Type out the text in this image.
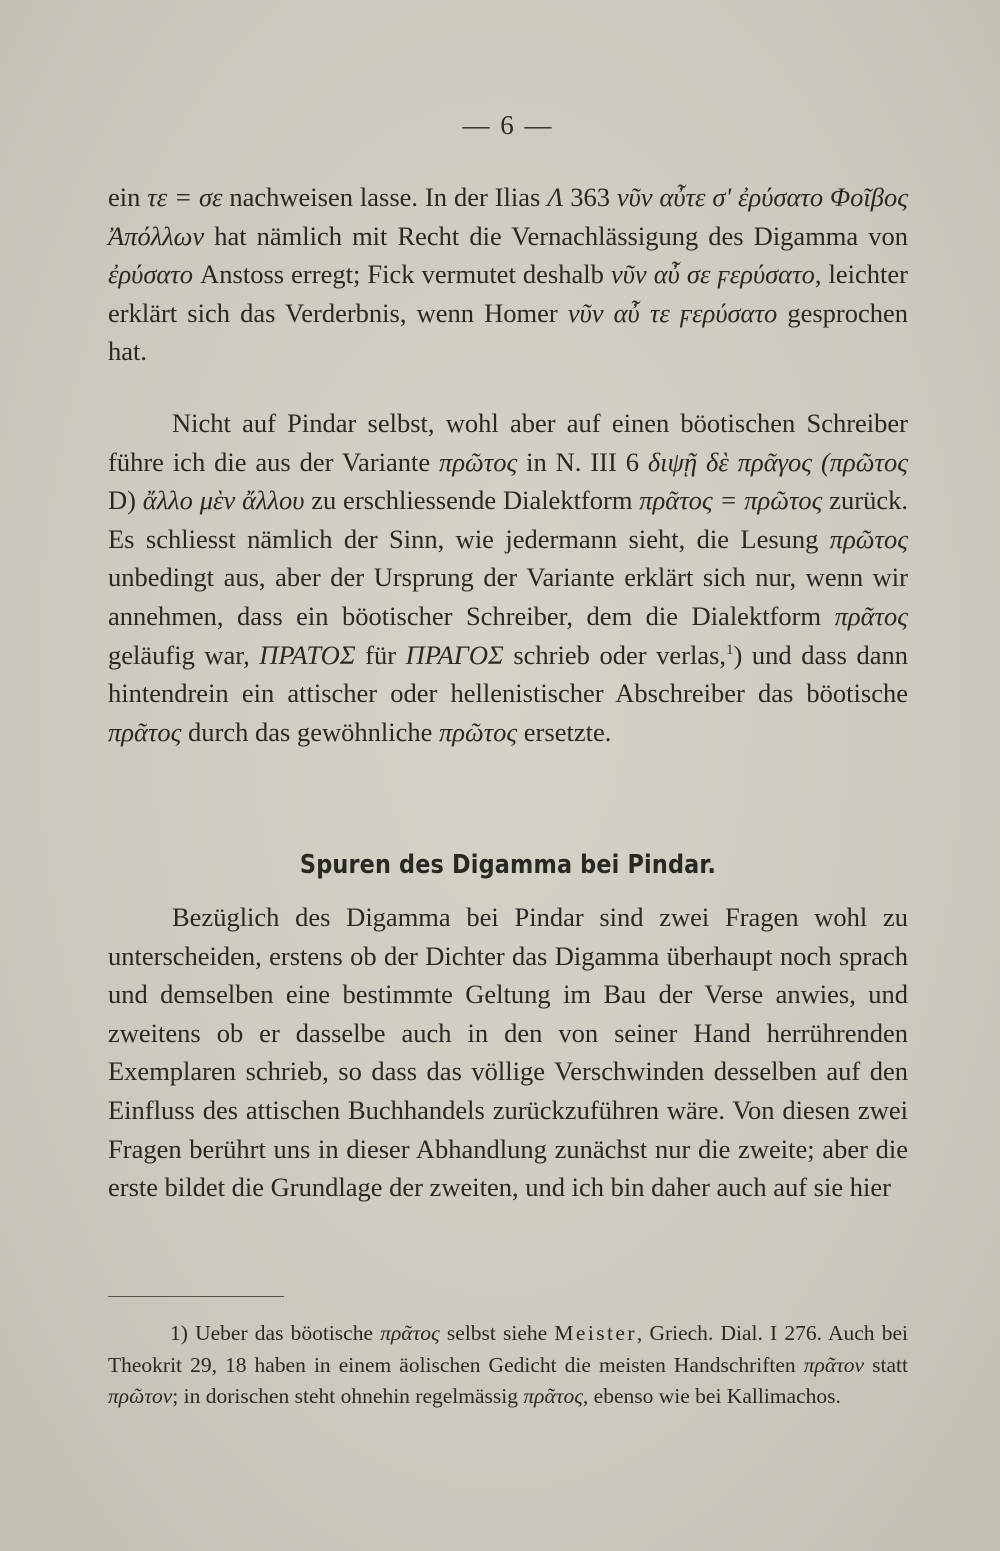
— 6 —

ein τε = σε nachweisen lasse. In der Ilias Λ 363 νῦν αὖτε σ' ἐρύσατο Φοῖβος Ἀπόλλων hat nämlich mit Recht die Vernachlässigung des Digamma von ἐρύσατο Anstoss erregt; Fick vermutet deshalb νῦν αὖ σε ϝερύσατο, leichter erklärt sich das Verderbnis, wenn Homer νῦν αὖ τε ϝερύσατο gesprochen hat.

Nicht auf Pindar selbst, wohl aber auf einen böotischen Schreiber führe ich die aus der Variante πρῶτος in N. III 6 διψῇ δὲ πρᾶγος (πρῶτος D) ἄλλο μὲν ἄλλου zu erschliessende Dialektform πρᾶτος = πρῶτος zurück. Es schliesst nämlich der Sinn, wie jedermann sieht, die Lesung πρῶτος unbedingt aus, aber der Ursprung der Variante erklärt sich nur, wenn wir annehmen, dass ein böotischer Schreiber, dem die Dialektform πρᾶτος geläufig war, ΠΡΑΤΟΣ für ΠΡΑΓΟΣ schrieb oder verlas,$^1$) und dass dann hintendrein ein attischer oder hellenistischer Abschreiber das böotische πρᾶτος durch das gewöhnliche πρῶτος ersetzte.

Spuren des Digamma bei Pindar.

Bezüglich des Digamma bei Pindar sind zwei Fragen wohl zu unterscheiden, erstens ob der Dichter das Digamma überhaupt noch sprach und demselben eine bestimmte Geltung im Bau der Verse anwies, und zweitens ob er dasselbe auch in den von seiner Hand herrührenden Exemplaren schrieb, so dass das völlige Verschwinden desselben auf den Einfluss des attischen Buchhandels zurückzuführen wäre. Von diesen zwei Fragen berührt uns in dieser Abhandlung zunächst nur die zweite; aber die erste bildet die Grundlage der zweiten, und ich bin daher auch auf sie hier

1) Ueber das böotische πρᾶτος selbst siehe Meister, Griech. Dial. I 276. Auch bei Theokrit 29, 18 haben in einem äolischen Gedicht die meisten Handschriften πρᾶτον statt πρῶτον; in dorischen steht ohnehin regelmässig πρᾶτος, ebenso wie bei Kallimachos.
